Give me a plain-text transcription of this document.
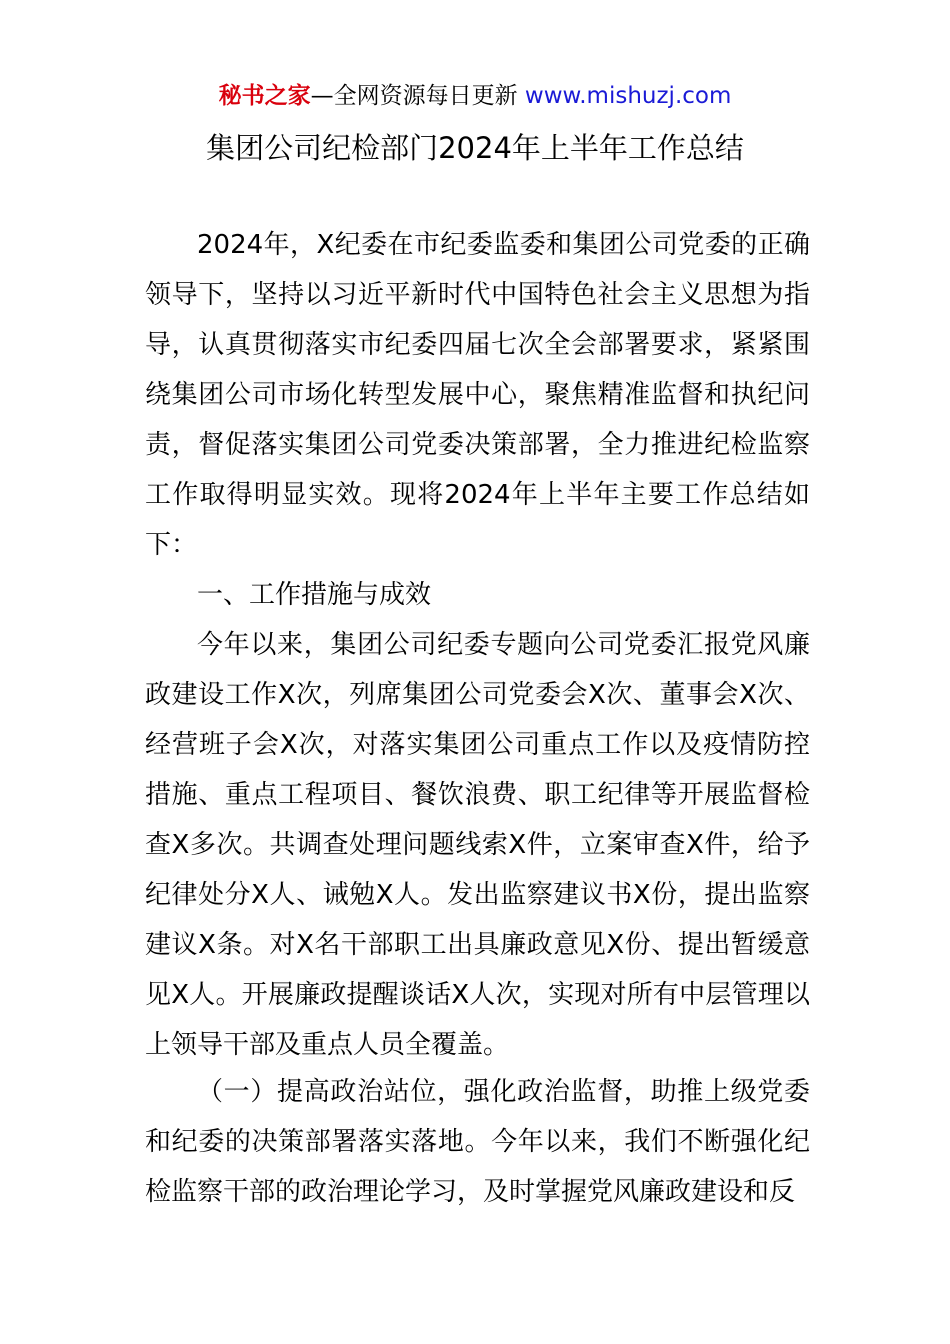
秘书之家—全网资源每日更新 www.mishuzj.com
集团公司纪检部门2024年上半年工作总结
2024年，X纪委在市纪委监委和集团公司党委的正确领导下，坚持以习近平新时代中国特色社会主义思想为指导，认真贯彻落实市纪委四届七次全会部署要求，紧紧围绕集团公司市场化转型发展中心，聚焦精准监督和执纪问责，督促落实集团公司党委决策部署，全力推进纪检监察工作取得明显实效。现将2024年上半年主要工作总结如下：
一、工作措施与成效
今年以来，集团公司纪委专题向公司党委汇报党风廉政建设工作X次，列席集团公司党委会X次、董事会X次、经营班子会X次，对落实集团公司重点工作以及疫情防控措施、重点工程项目、餐饮浪费、职工纪律等开展监督检查X多次。共调查处理问题线索X件，立案审查X件，给予纪律处分X人、诫勉X人。发出监察建议书X份，提出监察建议X条。对X名干部职工出具廉政意见X份、提出暂缓意见X人。开展廉政提醒谈话X人次，实现对所有中层管理以上领导干部及重点人员全覆盖。
（一）提高政治站位，强化政治监督，助推上级党委和纪委的决策部署落实落地。今年以来，我们不断强化纪检监察干部的政治理论学习，及时掌握党风廉政建设和反
